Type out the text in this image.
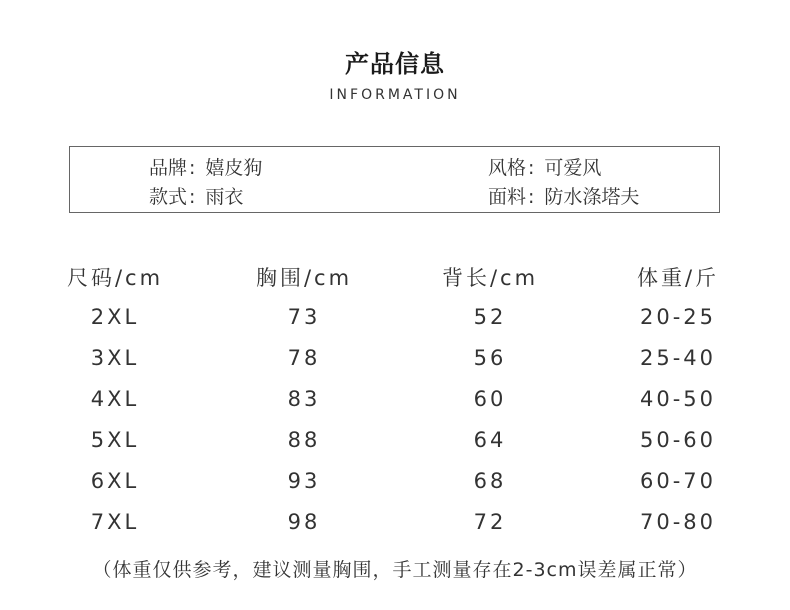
产品信息
INFORMATION
品牌 : 嬉皮狗	风格 : 可爱风
款式 : 雨衣	面料 : 防水涤塔夫
尺码/cm	胸围/cm	背长/cm	体重/斤
2XL	73	52	20-25
3XL	78	56	25-40
4XL	83	60	40-50
5XL	88	64	50-60
6XL	93	68	60-70
7XL	98	72	70-80
（体重仅供参考，建议测量胸围，手工测量存在2-3cm误差属正常）
